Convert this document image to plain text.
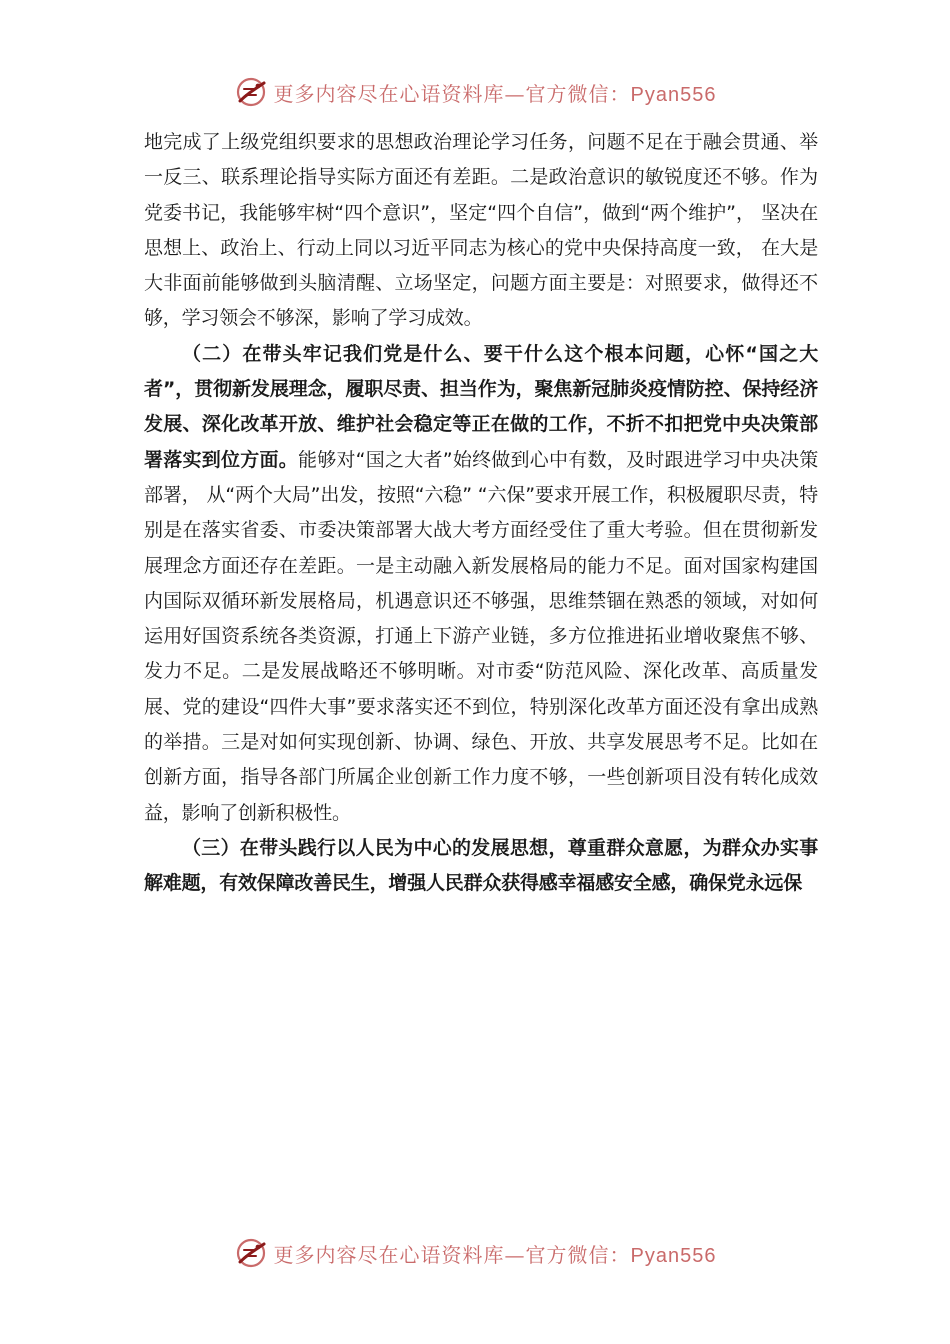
更多内容尽在心语资料库—官方微信：Pyan556

地完成了上级党组织要求的思想政治理论学习任务，问题不足在于融会贯通、举一反三、联系理论指导实际方面还有差距。二是政治意识的敏锐度还不够。作为党委书记，我能够牢树“四个意识”，坚定“四个自信”，做到“两个维护”， 坚决在思想上、政治上、行动上同以习近平同志为核心的党中央保持高度一致， 在大是大非面前能够做到头脑清醒、立场坚定，问题方面主要是：对照要求，做得还不够，学习领会不够深，影响了学习成效。

（二）在带头牢记我们党是什么、要干什么这个根本问题，心怀“国之大者”，贯彻新发展理念，履职尽责、担当作为，聚焦新冠肺炎疫情防控、保持经济发展、深化改革开放、维护社会稳定等正在做的工作，不折不扣把党中央决策部署落实到位方面。能够对“国之大者”始终做到心中有数，及时跟进学习中央决策部署， 从“两个大局”出发，按照“六稳” “六保”要求开展工作，积极履职尽责，特别是在落实省委、市委决策部署大战大考方面经受住了重大考验。但在贯彻新发展理念方面还存在差距。一是主动融入新发展格局的能力不足。面对国家构建国内国际双循环新发展格局，机遇意识还不够强，思维禁锢在熟悉的领域，对如何运用好国资系统各类资源，打通上下游产业链，多方位推进拓业增收聚焦不够、发力不足。二是发展战略还不够明晰。对市委“防范风险、深化改革、高质量发展、党的建设“四件大事”要求落实还不到位，特别深化改革方面还没有拿出成熟的举措。三是对如何实现创新、协调、绿色、开放、共享发展思考不足。比如在创新方面，指导各部门所属企业创新工作力度不够，一些创新项目没有转化成效益，影响了创新积极性。

（三）在带头践行以人民为中心的发展思想，尊重群众意愿，为群众办实事解难题，有效保障改善民生，增强人民群众获得感幸福感安全感，确保党永远保

更多内容尽在心语资料库—官方微信：Pyan556
